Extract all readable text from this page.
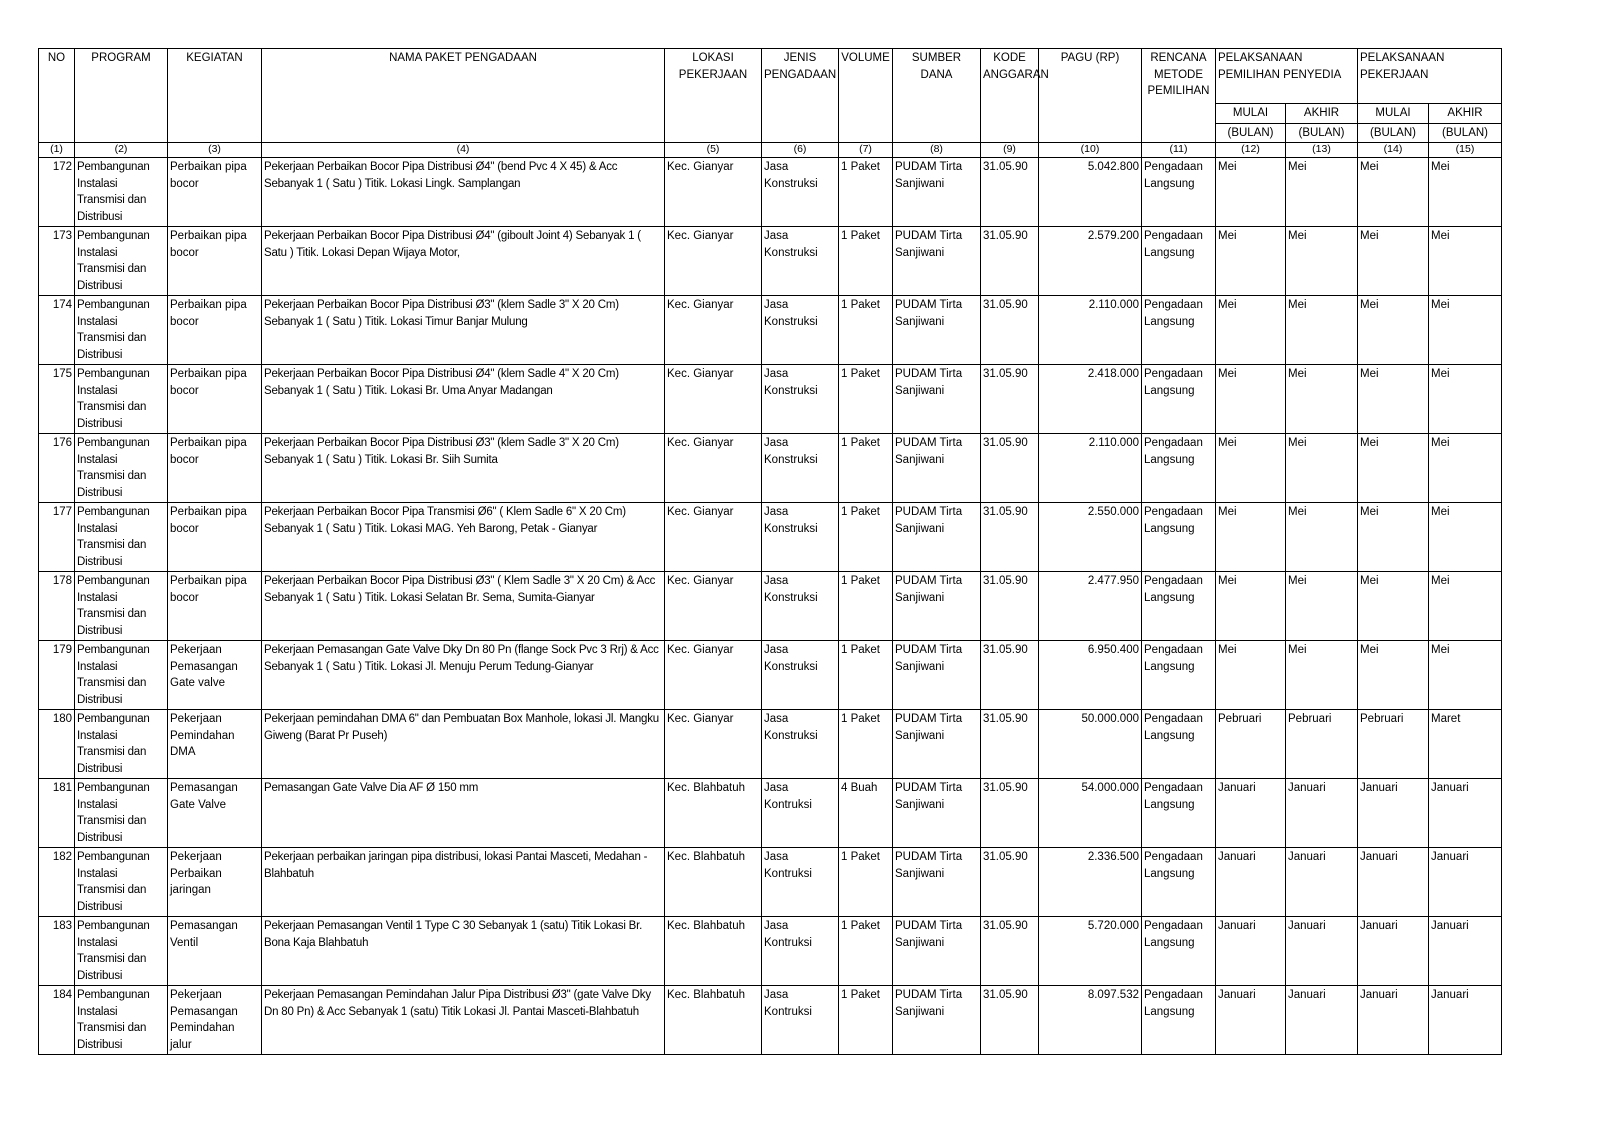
NO	PROGRAM	KEGIATAN	NAMA PAKET PENGADAAN	LOKASI PEKERJAAN	JENIS PENGADAAN	VOLUME	SUMBER DANA	KODE ANGGARAN	PAGU (RP)	RENCANA METODE PEMILIHAN	PELAKSANAAN PEMILIHAN PENYEDIA		PELAKSANAAN PEKERJAAN	
											MULAI	AKHIR	MULAI	AKHIR
											(BULAN)	(BULAN)	(BULAN)	(BULAN)
(1)	(2)	(3)	(4)	(5)	(6)	(7)	(8)	(9)	(10)	(11)	(12)	(13)	(14)	(15)
172	Pembangunan Instalasi Transmisi dan Distribusi	Perbaikan pipa bocor	Pekerjaan Perbaikan Bocor Pipa Distribusi Ø4" (bend Pvc 4 X 45) & Acc Sebanyak 1 ( Satu ) Titik. Lokasi Lingk. Samplangan	Kec. Gianyar	Jasa Konstruksi	1 Paket	PUDAM Tirta Sanjiwani	31.05.90	5.042.800	Pengadaan Langsung	Mei	Mei	Mei	Mei
173	Pembangunan Instalasi Transmisi dan Distribusi	Perbaikan pipa bocor	Pekerjaan Perbaikan Bocor Pipa Distribusi Ø4" (giboult Joint 4) Sebanyak 1 ( Satu ) Titik. Lokasi Depan Wijaya Motor,	Kec. Gianyar	Jasa Konstruksi	1 Paket	PUDAM Tirta Sanjiwani	31.05.90	2.579.200	Pengadaan Langsung	Mei	Mei	Mei	Mei
174	Pembangunan Instalasi Transmisi dan Distribusi	Perbaikan pipa bocor	Pekerjaan Perbaikan Bocor Pipa Distribusi Ø3" (klem Sadle 3" X 20 Cm) Sebanyak 1 ( Satu ) Titik. Lokasi Timur Banjar Mulung	Kec. Gianyar	Jasa Konstruksi	1 Paket	PUDAM Tirta Sanjiwani	31.05.90	2.110.000	Pengadaan Langsung	Mei	Mei	Mei	Mei
175	Pembangunan Instalasi Transmisi dan Distribusi	Perbaikan pipa bocor	Pekerjaan Perbaikan Bocor Pipa Distribusi Ø4" (klem Sadle 4" X 20 Cm) Sebanyak 1 ( Satu ) Titik. Lokasi Br. Uma Anyar Madangan	Kec. Gianyar	Jasa Konstruksi	1 Paket	PUDAM Tirta Sanjiwani	31.05.90	2.418.000	Pengadaan Langsung	Mei	Mei	Mei	Mei
176	Pembangunan Instalasi Transmisi dan Distribusi	Perbaikan pipa bocor	Pekerjaan Perbaikan Bocor Pipa Distribusi Ø3" (klem Sadle 3" X 20 Cm) Sebanyak 1 ( Satu ) Titik. Lokasi Br. Siih Sumita	Kec. Gianyar	Jasa Konstruksi	1 Paket	PUDAM Tirta Sanjiwani	31.05.90	2.110.000	Pengadaan Langsung	Mei	Mei	Mei	Mei
177	Pembangunan Instalasi Transmisi dan Distribusi	Perbaikan pipa bocor	Pekerjaan Perbaikan Bocor Pipa Transmisi Ø6" ( Klem Sadle 6" X 20 Cm) Sebanyak 1 ( Satu ) Titik. Lokasi MAG. Yeh Barong, Petak - Gianyar	Kec. Gianyar	Jasa Konstruksi	1 Paket	PUDAM Tirta Sanjiwani	31.05.90	2.550.000	Pengadaan Langsung	Mei	Mei	Mei	Mei
178	Pembangunan Instalasi Transmisi dan Distribusi	Perbaikan pipa bocor	Pekerjaan Perbaikan Bocor Pipa Distribusi Ø3" ( Klem Sadle 3" X 20 Cm) & Acc Sebanyak 1 ( Satu ) Titik. Lokasi Selatan Br. Sema, Sumita-Gianyar	Kec. Gianyar	Jasa Konstruksi	1 Paket	PUDAM Tirta Sanjiwani	31.05.90	2.477.950	Pengadaan Langsung	Mei	Mei	Mei	Mei
179	Pembangunan Instalasi Transmisi dan Distribusi	Pekerjaan Pemasangan Gate valve	Pekerjaan Pemasangan Gate Valve Dky Dn 80 Pn (flange Sock Pvc 3 Rrj) & Acc Sebanyak 1 ( Satu ) Titik. Lokasi Jl. Menuju Perum Tedung-Gianyar	Kec. Gianyar	Jasa Konstruksi	1 Paket	PUDAM Tirta Sanjiwani	31.05.90	6.950.400	Pengadaan Langsung	Mei	Mei	Mei	Mei
180	Pembangunan Instalasi Transmisi dan Distribusi	Pekerjaan Pemindahan DMA	Pekerjaan pemindahan DMA 6" dan Pembuatan Box Manhole, lokasi Jl. Mangku Giweng (Barat Pr Puseh)	Kec. Gianyar	Jasa Konstruksi	1 Paket	PUDAM Tirta Sanjiwani	31.05.90	50.000.000	Pengadaan Langsung	Pebruari	Pebruari	Pebruari	Maret
181	Pembangunan Instalasi Transmisi dan Distribusi	Pemasangan Gate Valve	Pemasangan Gate Valve Dia AF Ø 150 mm	Kec. Blahbatuh	Jasa Kontruksi	4 Buah	PUDAM Tirta Sanjiwani	31.05.90	54.000.000	Pengadaan Langsung	Januari	Januari	Januari	Januari
182	Pembangunan Instalasi Transmisi dan Distribusi	Pekerjaan Perbaikan jaringan	Pekerjaan perbaikan jaringan pipa distribusi, lokasi Pantai Masceti, Medahan - Blahbatuh	Kec. Blahbatuh	Jasa Kontruksi	1 Paket	PUDAM Tirta Sanjiwani	31.05.90	2.336.500	Pengadaan Langsung	Januari	Januari	Januari	Januari
183	Pembangunan Instalasi Transmisi dan Distribusi	Pemasangan Ventil	Pekerjaan Pemasangan Ventil 1 Type C 30 Sebanyak 1 (satu) Titik Lokasi Br. Bona Kaja Blahbatuh	Kec. Blahbatuh	Jasa Kontruksi	1 Paket	PUDAM Tirta Sanjiwani	31.05.90	5.720.000	Pengadaan Langsung	Januari	Januari	Januari	Januari
184	Pembangunan Instalasi Transmisi dan Distribusi	Pekerjaan Pemasangan Pemindahan jalur	Pekerjaan Pemasangan Pemindahan Jalur Pipa Distribusi Ø3" (gate Valve Dky Dn 80 Pn) & Acc Sebanyak 1 (satu) Titik Lokasi Jl. Pantai Masceti-Blahbatuh	Kec. Blahbatuh	Jasa Kontruksi	1 Paket	PUDAM Tirta Sanjiwani	31.05.90	8.097.532	Pengadaan Langsung	Januari	Januari	Januari	Januari
